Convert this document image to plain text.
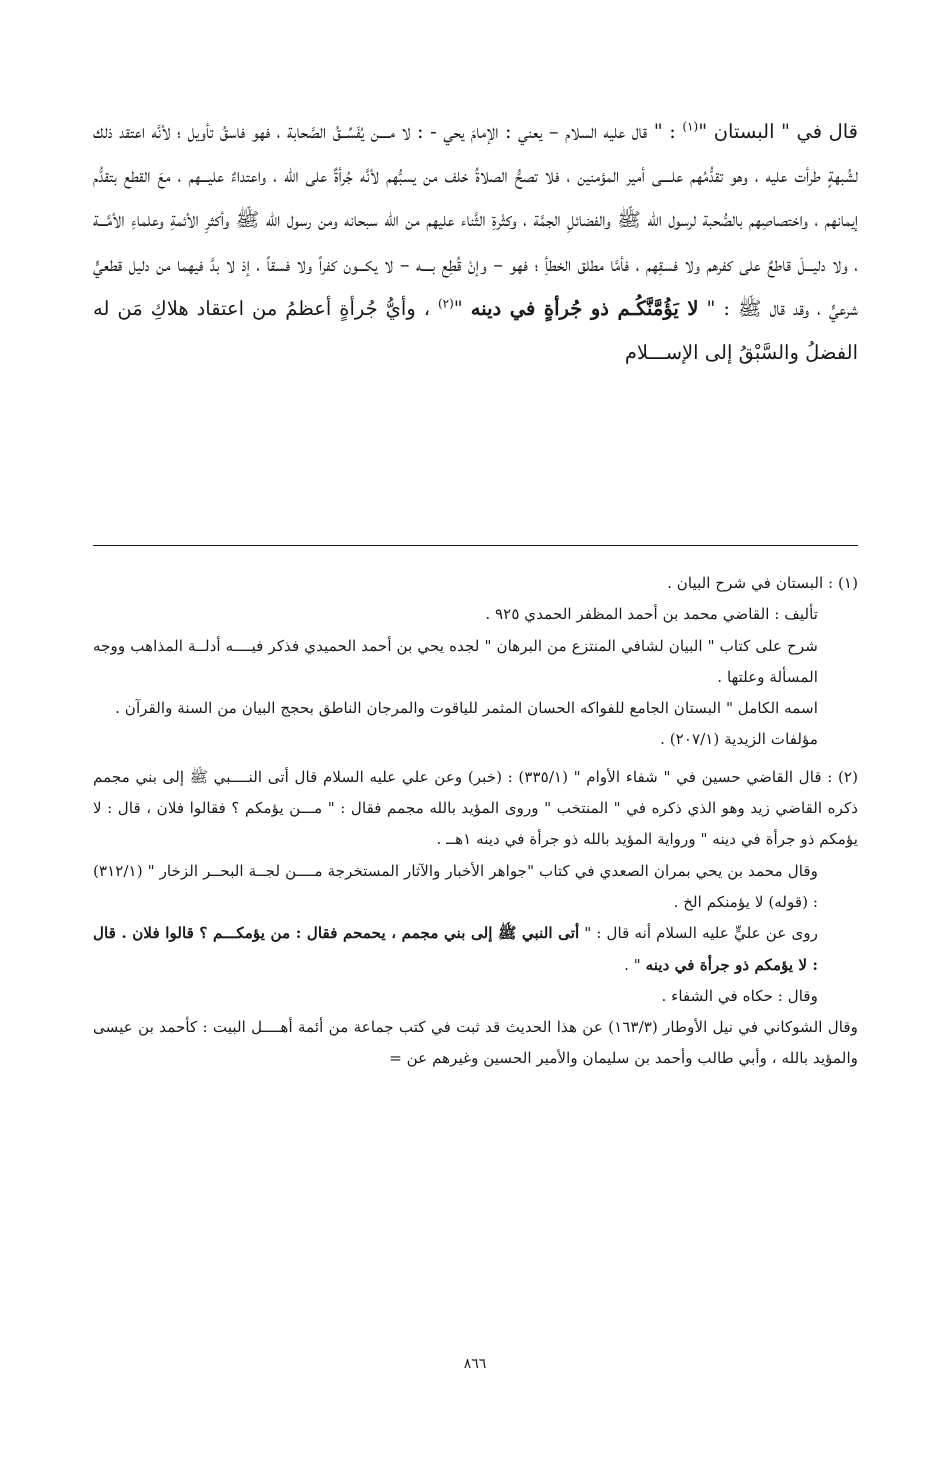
قال في " البستان "$^{(١)}$ : " قال عليه السلام – يعني : الإمامَ يحي - : لا مــــن يُفَسِّــقُ الصَّحابة ، فهو فاسقُ تأويل ؛ لأنَّه اعتقد ذلك لشُبهةٍ طرأت عليه ، وهو تقدُّمُهم علــــى أمير المؤمنين ، فلا تصحُّ الصلاةُ خلف من يسبُّهم لأنَّه جُرأةٌ على الله ، واعتداءٌ عليـــهم ، معَ القطع بتقدُّم إيمانهم ، واختصاصِهم بالصُّحبة لرسول الله ﷺ والفضائلِ الجمَّة ، وكثْرةِ الثَّناء عليهم من الله سبحانه ومن رسول الله ﷺ وأكثرِ الأئمةِ وعلماءِ الأمَّـــة ، ولا دليـــلَ قاطعٌ على كفرهم ولا فسقِهم ، فأمَّا مطلق الخطأِ ؛ فهو – وإنْ قُطِع بــــه – لا يكـــون كفراً ولا فسقاً ، إذ لا بدَّ فيهما من دليل قطعيٍّ شرعيٍّ ، وقد قال ﷺ : " لا يَؤُمَّنَّكُـم ذو جُرأةٍ في دينه "$^{(٢)}$ ، وأيُّ جُرأةٍ أعظمُ من اعتقاد هلاكِ مَن له الفضلُ والسَّبْقُ إلى الإســـلام

(١) : البستان في شرح البيان .

تأليف : القاضي محمد بن أحمد المظفر الحمدي ٩٢٥ .

شرح على كتاب " البيان لشافي المنتزع من البرهان " لجده يحي بن أحمد الحميدي فذكر فيــــه أدلــة المذاهب ووجه المسألة وعلتها .

اسمه الكامل " البستان الجامع للفواكه الحسان المثمر للياقوت والمرجان الناطق بحجج البيان من السنة والقرآن .

مؤلفات الزيدية (٢٠٧/١) .

(٢) : قال القاضي حسين في " شفاء الأوام " (٣٣٥/١) : (خبر) وعن علي عليه السلام قال أتى النــــبي ﷺ إلى بني مجمم ذكره القاضي زيد وهو الذي ذكره في " المنتخب " وروى المؤيد بالله مجمم فقال : " مـــن يؤمكم ؟ فقالوا فلان ، قال : لا يؤمكم ذو جرأة في دينه " ورواية المؤيد بالله ذو جرأة في دينه ١هــ .

وقال محمد بن يحي بمران الصعدي في كتاب "جواهر الأخبار والآثار المستخرجة مــــن لجــة البحــر الزخار " (٣١٢/١) : (قوله) لا يؤمنكم الخ .

روى عن عليٍّ عليه السلام أنه قال : " أتى النبي ﷺ إلى بني مجمم ، يحمحم فقال : من يؤمكـــم ؟ قالوا فلان . قال : لا يؤمكم ذو جرأة في دينه " .

وقال : حكاه في الشفاء .

وقال الشوكاني في نيل الأوطار (١٦٣/٣) عن هذا الحديث قد ثبت في كتب جماعة من أئمة أهــــل البيت : كأحمد بن عيسى والمؤيد بالله ، وأبي طالب وأحمد بن سليمان والأمير الحسين وغيرهم عن =

٨٦٦
